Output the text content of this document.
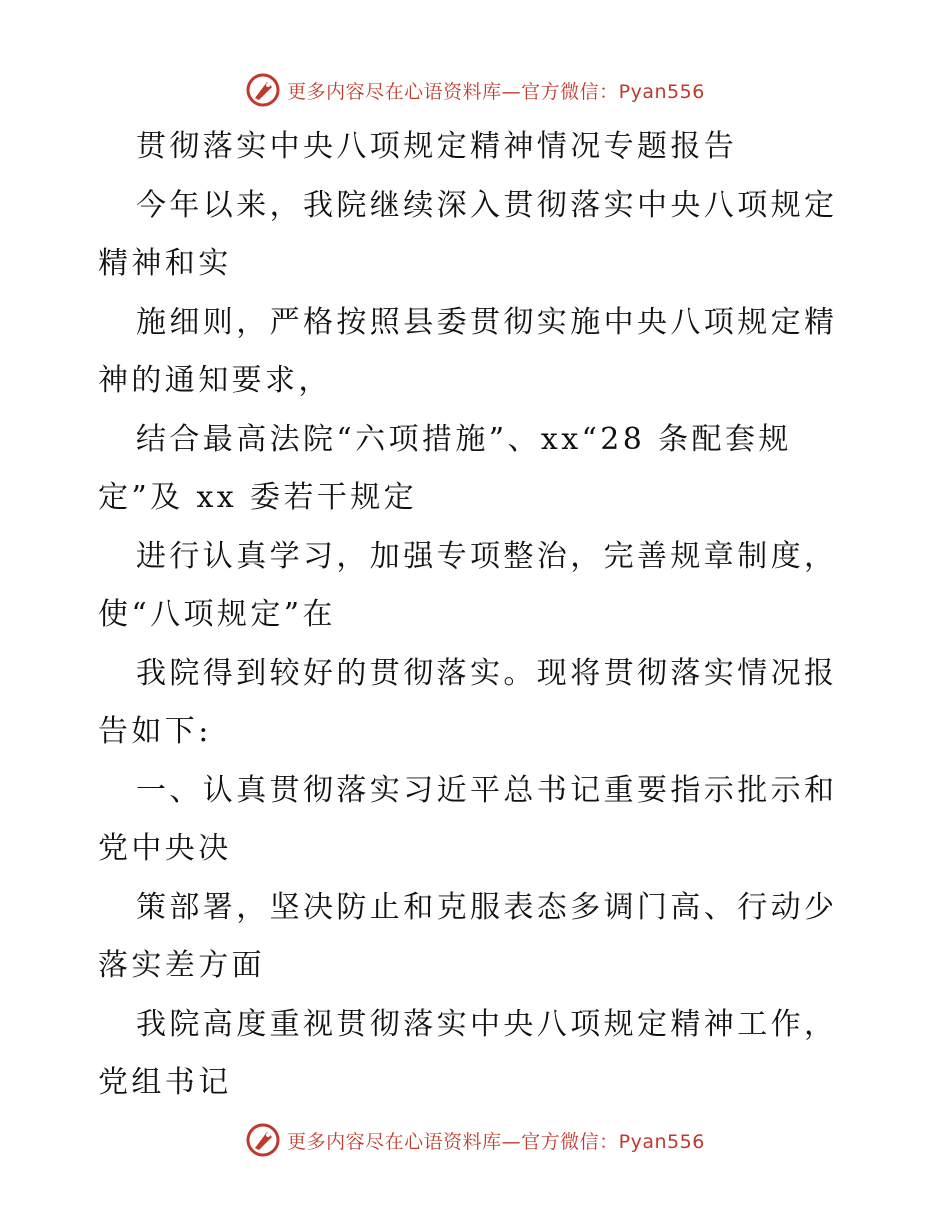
更多内容尽在心语资料库—官方微信：Pyan556
贯彻落实中央八项规定精神情况专题报告
今年以来，我院继续深入贯彻落实中央八项规定
精神和实
施细则，严格按照县委贯彻实施中央八项规定精
神的通知要求，
结合最高法院“六项措施”、xx“28 条配套规
定”及 xx 委若干规定
进行认真学习，加强专项整治，完善规章制度，
使“八项规定”在
我院得到较好的贯彻落实。现将贯彻落实情况报
告如下:
一、认真贯彻落实习近平总书记重要指示批示和
党中央决
策部署，坚决防止和克服表态多调门高、行动少
落实差方面
我院高度重视贯彻落实中央八项规定精神工作，
党组书记
更多内容尽在心语资料库—官方微信：Pyan556
